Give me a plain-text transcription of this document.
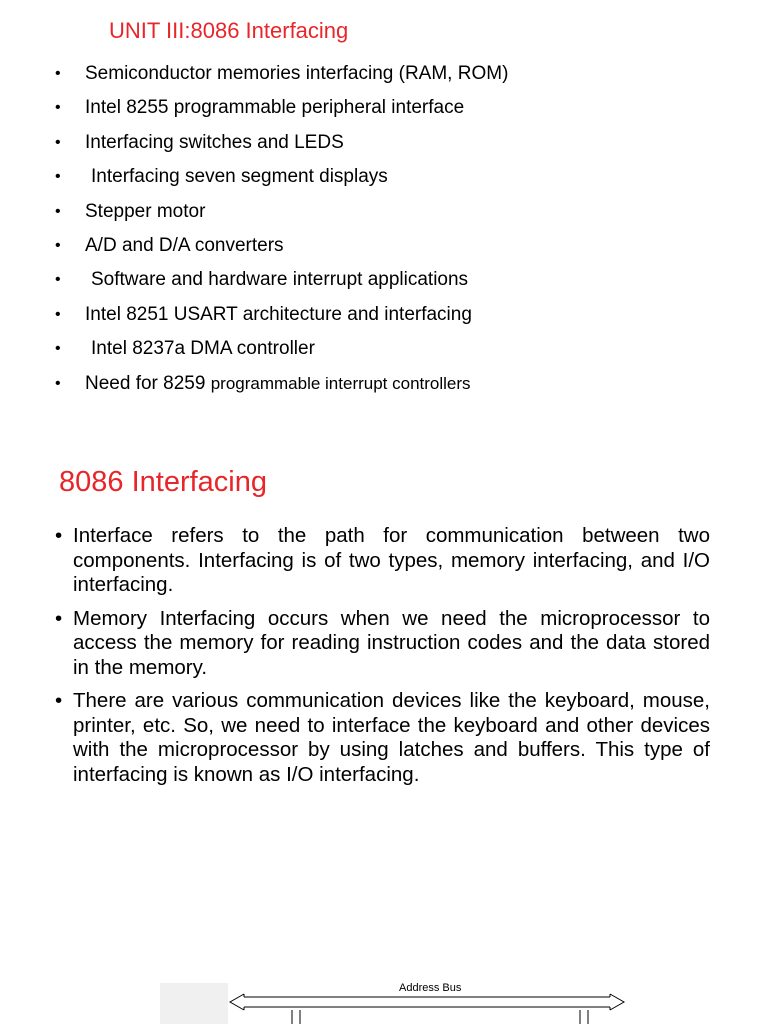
UNIT III:8086 Interfacing
• Semiconductor memories interfacing (RAM, ROM)
• Intel 8255 programmable peripheral interface
• Interfacing switches and LEDS
• Interfacing seven segment displays
• Stepper motor
• A/D and D/A converters
• Software and hardware interrupt applications
• Intel 8251 USART architecture and interfacing
• Intel 8237a DMA controller
• Need for 8259 programmable interrupt controllers
8086 Interfacing
• Interface refers to the path for communication between two components. Interfacing is of two types, memory interfacing, and I/O interfacing.
• Memory Interfacing occurs when we need the microprocessor to access the memory for reading instruction codes and the data stored in the memory.
• There are various communication devices like the keyboard, mouse, printer, etc. So, we need to interface the keyboard and other devices with the microprocessor by using latches and buffers. This type of interfacing is known as I/O interfacing.
Address Bus
